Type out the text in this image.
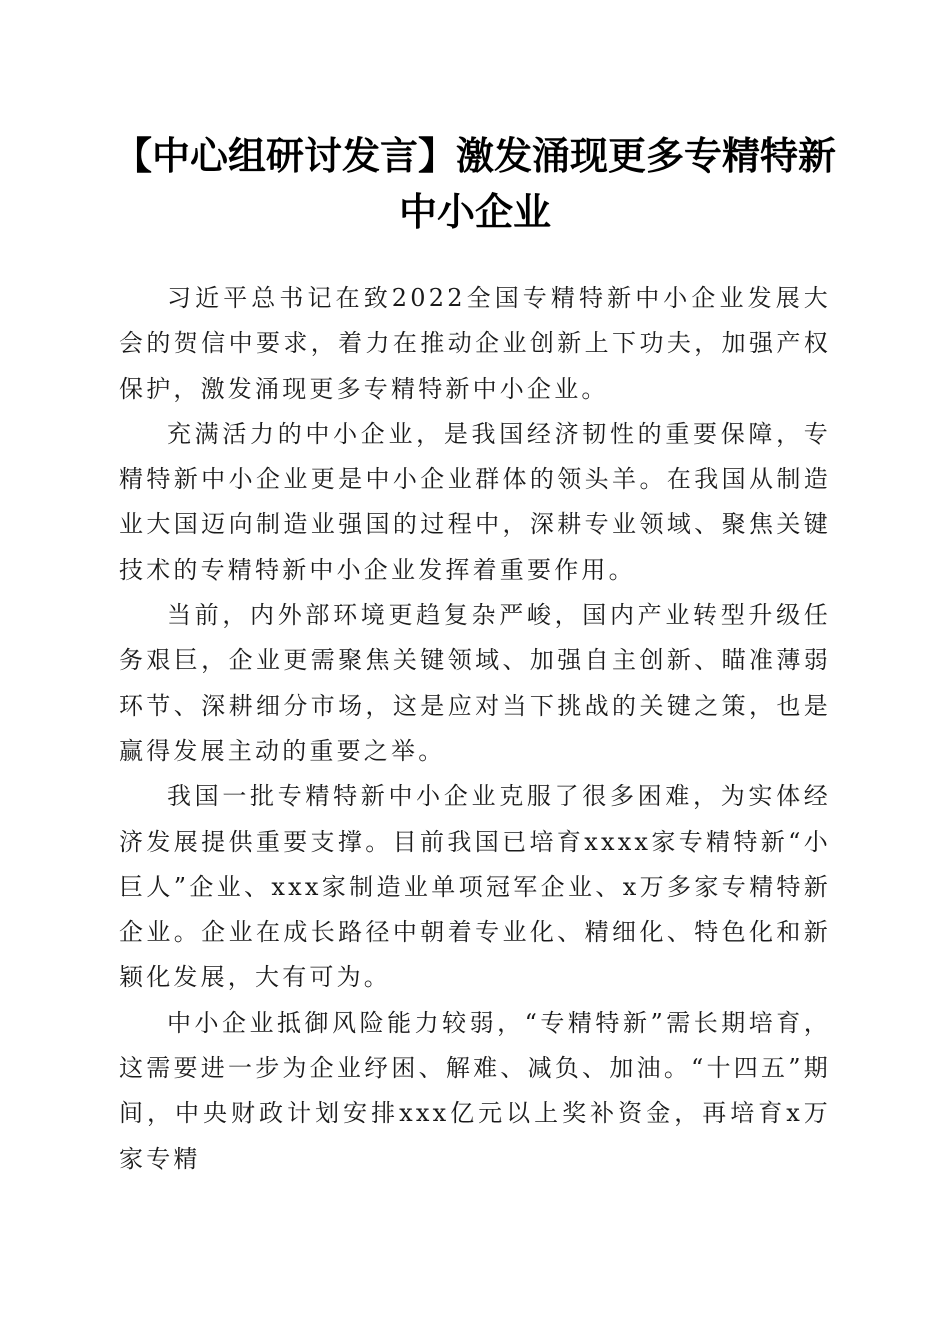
【中心组研讨发言】激发涌现更多专精特新中小企业

习近平总书记在致2022全国专精特新中小企业发展大会的贺信中要求，着力在推动企业创新上下功夫，加强产权保护，激发涌现更多专精特新中小企业。

充满活力的中小企业，是我国经济韧性的重要保障，专精特新中小企业更是中小企业群体的领头羊。在我国从制造业大国迈向制造业强国的过程中，深耕专业领域、聚焦关键技术的专精特新中小企业发挥着重要作用。

当前，内外部环境更趋复杂严峻，国内产业转型升级任务艰巨，企业更需聚焦关键领域、加强自主创新、瞄准薄弱环节、深耕细分市场，这是应对当下挑战的关键之策，也是赢得发展主动的重要之举。

我国一批专精特新中小企业克服了很多困难，为实体经济发展提供重要支撑。目前我国已培育xxxx家专精特新“小巨人”企业、xxx家制造业单项冠军企业、x万多家专精特新企业。企业在成长路径中朝着专业化、精细化、特色化和新颖化发展，大有可为。

中小企业抵御风险能力较弱，“专精特新”需长期培育，这需要进一步为企业纾困、解难、减负、加油。“十四五”期间，中央财政计划安排xxx亿元以上奖补资金，再培育x万家专精
